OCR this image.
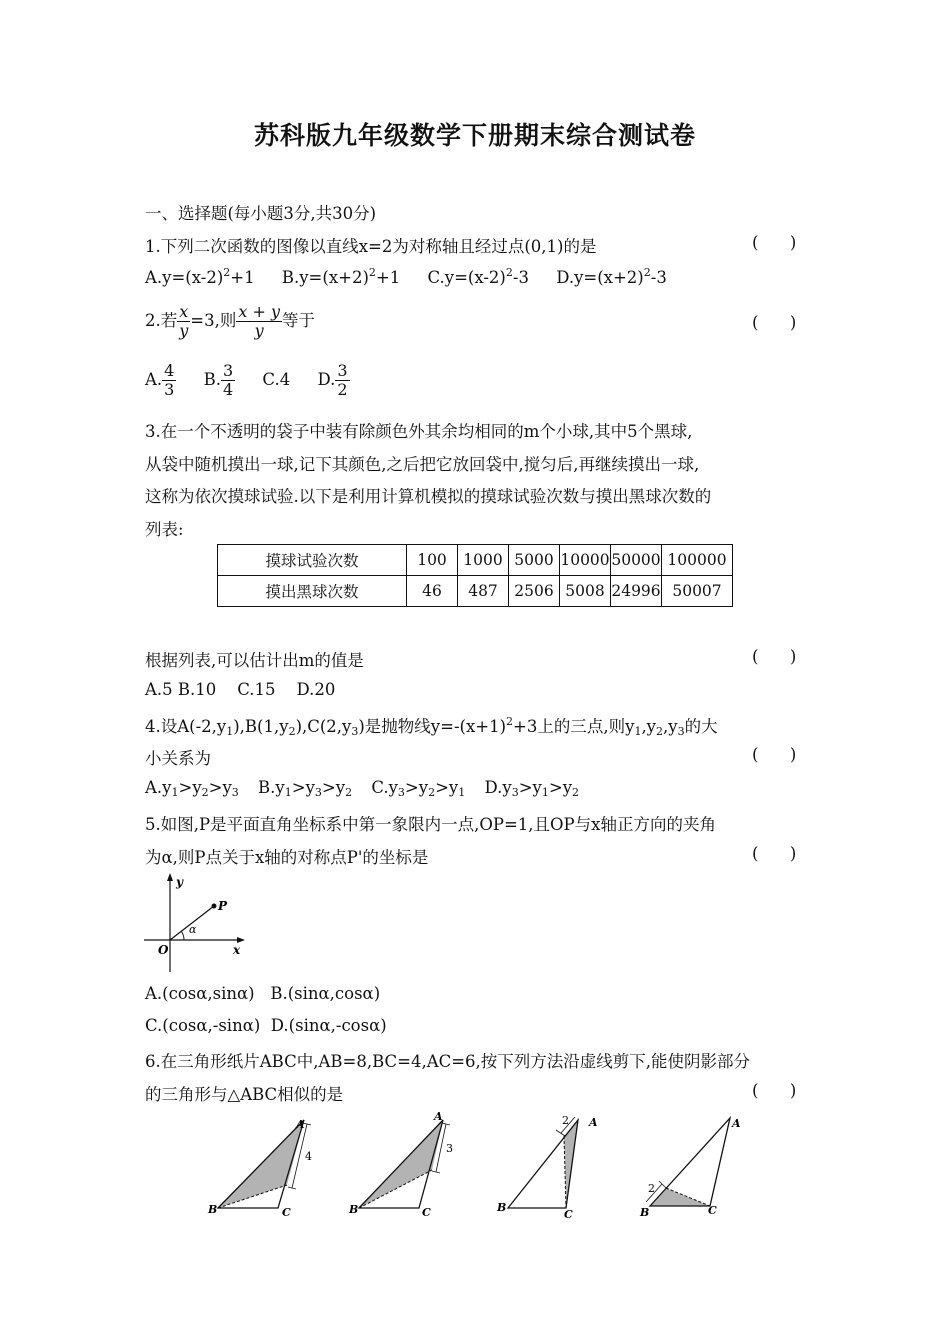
苏科版九年级数学下册期末综合测试卷
一、选择题(每小题3分,共30分)
1.下列二次函数的图像以直线x=2为对称轴且经过点(0,1)的是	(      )
$A.y=(x-2)^2+1$ $B.y=(x+2)^2+1$ $C.y=(x-2)^2-3$ $D.y=(x+2)^2-3$
2.若 $\frac{x}{y} =3$,则 $\frac{x + y}{y}$ 等于	(      )
A. $\frac{4}{3} B$. $\frac{3}{4} C.4$ D. $\frac{3}{2}$
3.在一个不透明的袋子中装有除颜色外其余均相同的m个小球,其中5个黑球,
从袋中随机摸出一球,记下其颜色,之后把它放回袋中,搅匀后,再继续摸出一球,
这称为依次摸球试验.以下是利用计算机模拟的摸球试验次数与摸出黑球次数的
列表:
摸球试验次数	100	1000	5000	10000	50000	100000
摸出黑球次数	46	487	2506	5008	24996	50007
根据列表,可以估计出m的值是	(      )
A.5 B.10    C.15    D.20
4.设$A(-2,y_1),B(1,y_2),C(2,y_3)$是抛物线$y=-(x+1)^2+3$上的三点,则$y_1,y_2,y_3$的大
小关系为	(      )
$A.y_1>y_2>y_3$ $B.y_1>y_3>y_2$ $C.y_3>y_2>y_1$ $D.y_3>y_1>y_2$
5.如图,P是平面直角坐标系中第一象限内一点,OP=1,且OP与x轴正方向的夹角
为α,则P点关于x轴的对称点P'的坐标是	(      )
y
x
O
P
α
A.(cosα,sinα) B.(sinα,cosα)
C.(cosα,-sinα) D.(sinα,-cosα)
6.在三角形纸片ABC中,AB=8,BC=4,AC=6,按下列方法沿虚线剪下,能使阴影部分
的三角形与△ABC相似的是	(      )
4
A
B	C
3
A
B	C
2 A
B
C
2
A
B	C
